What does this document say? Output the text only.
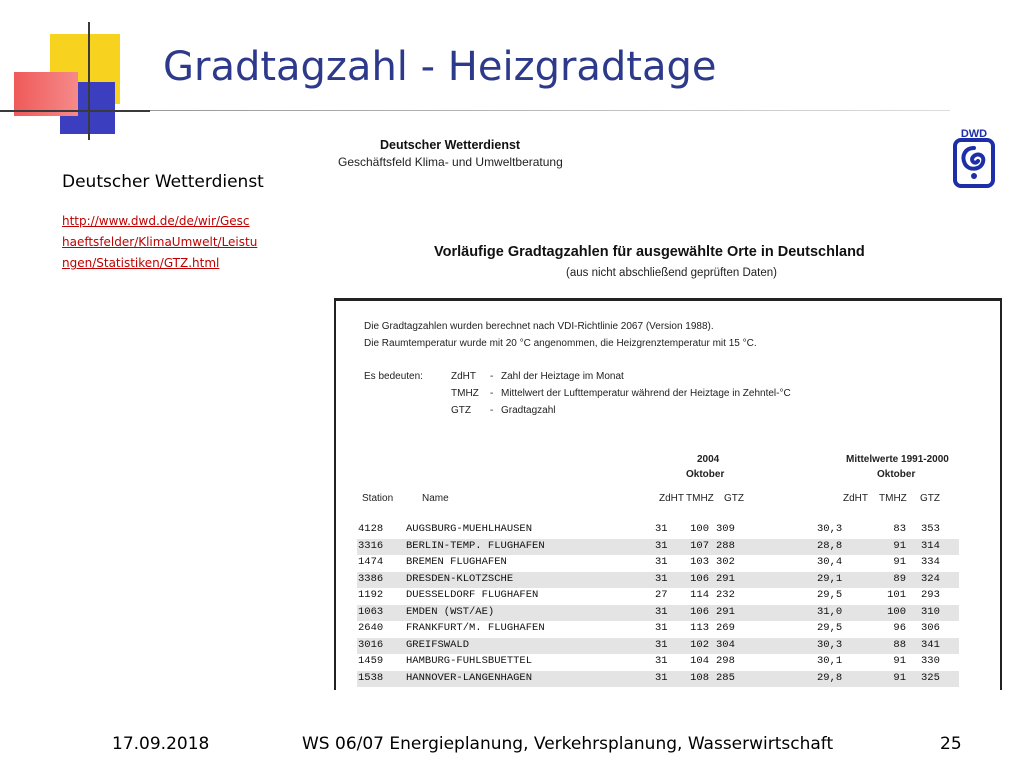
Gradtagzahl - Heizgradtage
Deutscher Wetterdienst
http://www.dwd.de/de/wir/Gesc
haeftsfelder/KlimaUmwelt/Leistu
ngen/Statistiken/GTZ.html
Deutscher Wetterdienst
Geschäftsfeld Klima- und Umweltberatung
DWD
Vorläufige Gradtagzahlen für ausgewählte Orte in Deutschland
(aus nicht abschließend geprüften Daten)
Die Gradtagzahlen wurden berechnet nach VDI-Richtlinie 2067 (Version 1988).
Die Raumtemperatur wurde mit 20 °C angenommen, die Heizgrenztemperatur mit 15 °C.
Es bedeuten:	ZdHT - Zahl der Heiztage im Monat
TMHZ - Mittelwert der Lufttemperatur während der Heiztage in Zehntel-°C
GTZ - Gradtagzahl
2004
Oktober
Mittelwerte 1991-2000
Oktober
Station	Name	ZdHT TMHZ GTZ	ZdHT TMHZ GTZ
4128 AUGSBURG-MUEHLHAUSEN	31 100 309	30,3	83 353
3316 BERLIN-TEMP. FLUGHAFEN	31 107 288	28,8	91 314
1474 BREMEN FLUGHAFEN	31 103 302	30,4	91 334
3386 DRESDEN-KLOTZSCHE	31 106 291	29,1	89 324
1192 DUESSELDORF FLUGHAFEN	27 114 232	29,5	101 293
1063 EMDEN (WST/AE)	31 106 291	31,0	100 310
2640 FRANKFURT/M. FLUGHAFEN	31 113 269	29,5	96 306
3016 GREIFSWALD	31 102 304	30,3	88 341
1459 HAMBURG-FUHLSBUETTEL	31 104 298	30,1	91 330
1538 HANNOVER-LANGENHAGEN	31 108 285	29,8	91 325
17.09.2018	WS 06/07 Energieplanung, Verkehrsplanung, Wasserwirtschaft	25
